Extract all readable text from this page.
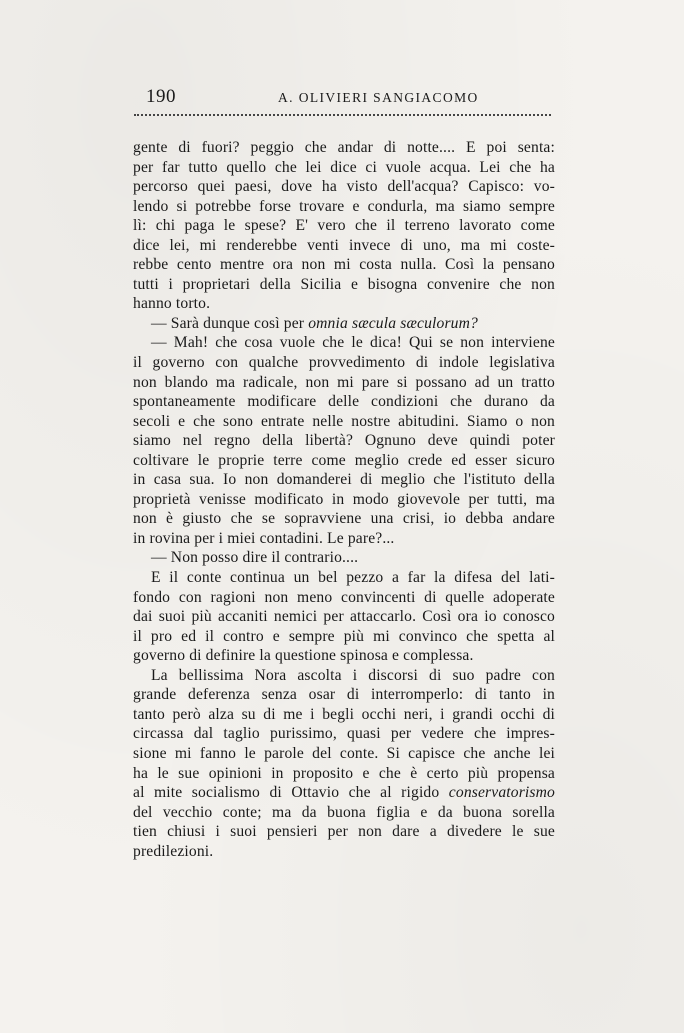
190	A. OLIVIERI SANGIACOMO
gente di fuori? peggio che andar di notte.... E poi senta:
per far tutto quello che lei dice ci vuole acqua. Lei che ha
percorso quei paesi, dove ha visto dell'acqua? Capisco: vo-
lendo si potrebbe forse trovare e condurla, ma siamo sempre
lì: chi paga le spese? E' vero che il terreno lavorato come
dice lei, mi renderebbe venti invece di uno, ma mi coste-
rebbe cento mentre ora non mi costa nulla. Così la pensano
tutti i proprietari della Sicilia e bisogna convenire che non
hanno torto.
— Sarà dunque così per omnia sæcula sæculorum?
— Mah! che cosa vuole che le dica! Qui se non interviene
il governo con qualche provvedimento di indole legislativa
non blando ma radicale, non mi pare si possano ad un tratto
spontaneamente modificare delle condizioni che durano da
secoli e che sono entrate nelle nostre abitudini. Siamo o non
siamo nel regno della libertà? Ognuno deve quindi poter
coltivare le proprie terre come meglio crede ed esser sicuro
in casa sua. Io non domanderei di meglio che l'istituto della
proprietà venisse modificato in modo giovevole per tutti, ma
non è giusto che se sopravviene una crisi, io debba andare
in rovina per i miei contadini. Le pare?...
— Non posso dire il contrario....
E il conte continua un bel pezzo a far la difesa del lati-
fondo con ragioni non meno convincenti di quelle adoperate
dai suoi più accaniti nemici per attaccarlo. Così ora io conosco
il pro ed il contro e sempre più mi convinco che spetta al
governo di definire la questione spinosa e complessa.
La bellissima Nora ascolta i discorsi di suo padre con
grande deferenza senza osar di interromperlo: di tanto in
tanto però alza su di me i begli occhi neri, i grandi occhi di
circassa dal taglio purissimo, quasi per vedere che impres-
sione mi fanno le parole del conte. Si capisce che anche lei
ha le sue opinioni in proposito e che è certo più propensa
al mite socialismo di Ottavio che al rigido conservatorismo
del vecchio conte; ma da buona figlia e da buona sorella
tien chiusi i suoi pensieri per non dare a divedere le sue
predilezioni.
